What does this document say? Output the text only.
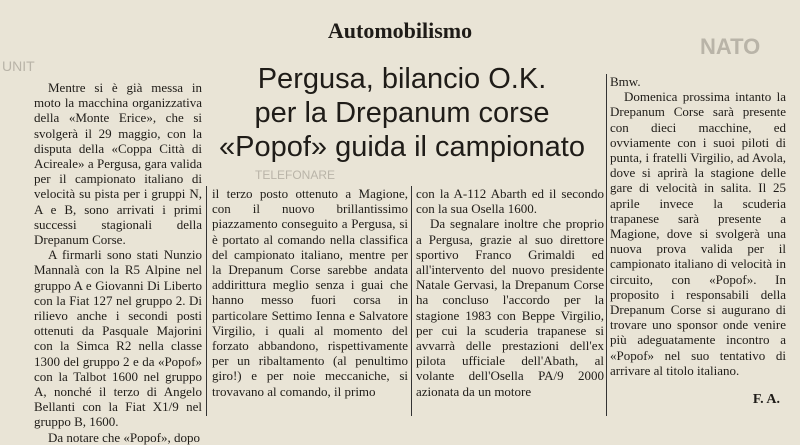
UNIT
NATO
TELEFONARE
Automobilismo
Pergusa, bilancio O.K.
per la Drepanum corse
«Popof» guida il campionato

Mentre si è già messa in moto la macchina organizzativa della «Monte Erice», che si svolgerà il 29 maggio, con la disputa della «Coppa Città di Acireale» a Pergusa, gara valida per il campionato italiano di velocità su pista per i gruppi N, A e B, sono arrivati i primi successi stagionali della Drepanum Corse.

A firmarli sono stati Nunzio Mannalà con la R5 Alpine nel gruppo A e Giovanni Di Liberto con la Fiat 127 nel gruppo 2. Di rilievo anche i secondi posti ottenuti da Pasquale Majorini con la Simca R2 nella classe 1300 del gruppo 2 e da «Popof» con la Talbot 1600 nel gruppo A, nonché il terzo di Angelo Bellanti con la Fiat X1/9 nel gruppo B, 1600.

Da notare che «Popof», dopo

il terzo posto ottenuto a Magione, con il nuovo brillantissimo piazzamento conseguito a Pergusa, si è portato al comando nella classifica del campionato italiano, mentre per la Drepanum Corse sarebbe andata addirittura meglio senza i guai che hanno messo fuori corsa in particolare Settimo Ienna e Salvatore Virgilio, i quali al momento del forzato abbandono, rispettivamente per un ribaltamento (al penultimo giro!) e per noie meccaniche, si trovavano al comando, il primo

con la A-112 Abarth ed il secondo con la sua Osella 1600.

Da segnalare inoltre che proprio a Pergusa, grazie al suo direttore sportivo Franco Grimaldi ed all'intervento del nuovo presidente Natale Gervasi, la Drepanum Corse ha concluso l'accordo per la stagione 1983 con Beppe Virgilio, per cui la scuderia trapanese si avvarrà delle prestazioni dell'ex pilota ufficiale dell'Abath, al volante dell'Osella PA/9 2000 azionata da un motore

Bmw.

Domenica prossima intanto la Drepanum Corse sarà presente con dieci macchine, ed ovviamente con i suoi piloti di punta, i fratelli Virgilio, ad Avola, dove si aprirà la stagione delle gare di velocità in salita. Il 25 aprile invece la scuderia trapanese sarà presente a Magione, dove si svolgerà una nuova prova valida per il campionato italiano di velocità in circuito, con «Popof». In proposito i responsabili della Drepanum Corse si augurano di trovare uno sponsor onde venire più adeguatamente incontro a «Popof» nel suo tentativo di arrivare al titolo italiano.

F. A.
